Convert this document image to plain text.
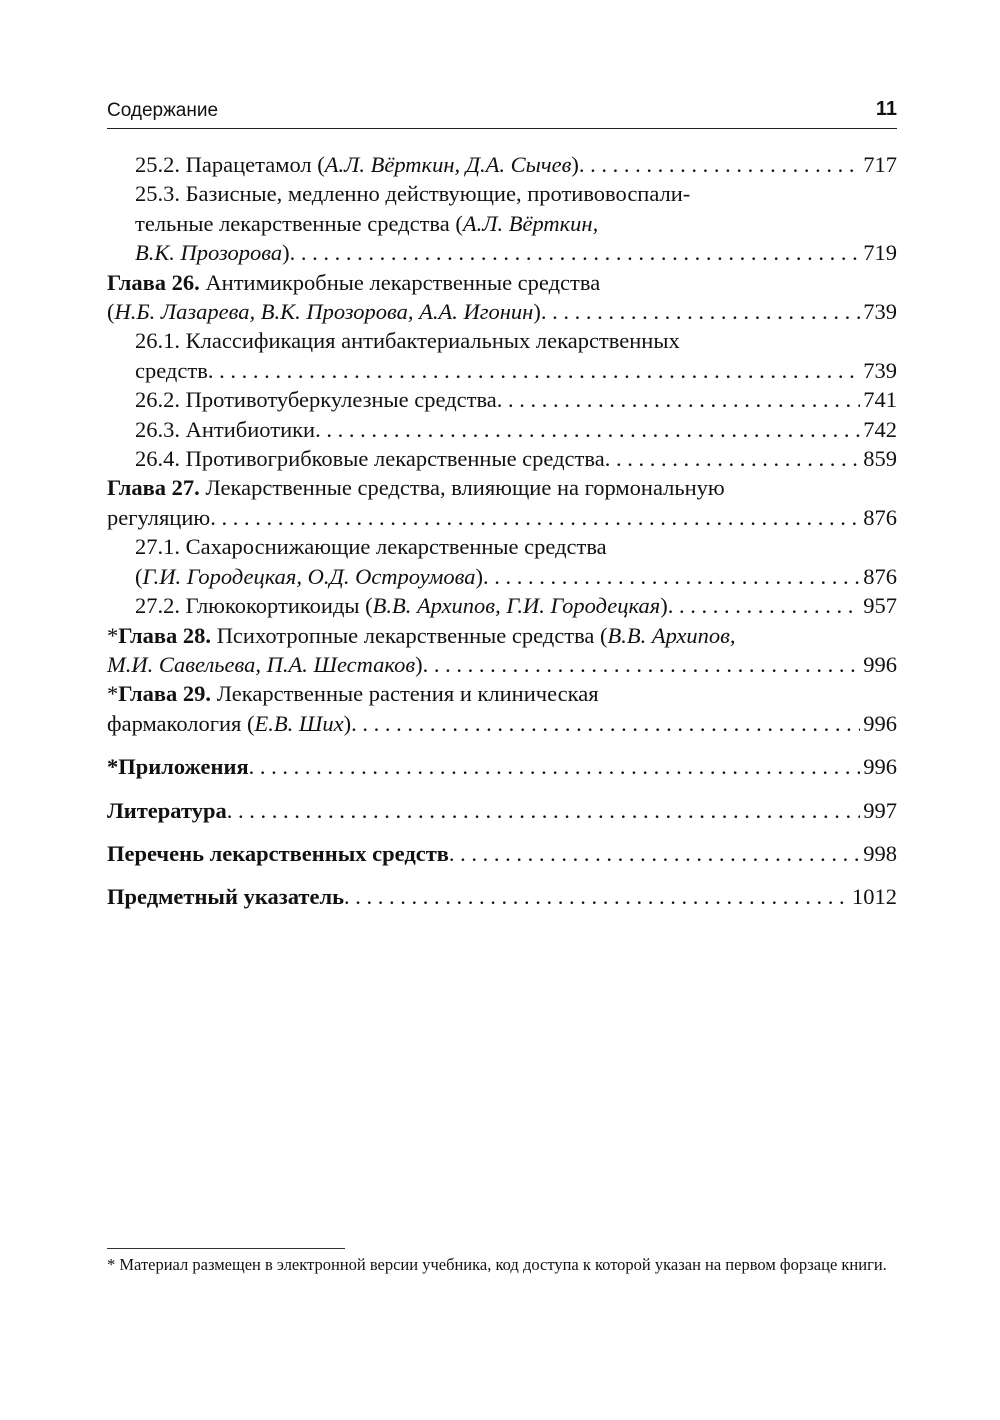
Содержание	11
25.2. Парацетамол (А.Л. Вёрткин, Д.А. Сычев) . . .	717
25.3. Базисные, медленно действующие, противовоспали-
тельные лекарственные средства (А.Л. Вёрткин,
В.К. Прозорова) . . .	719
Глава 26. Антимикробные лекарственные средства
(Н.Б. Лазарева, В.К. Прозорова, А.А. Игонин) . . .	739
26.1. Классификация антибактериальных лекарственных
средств . . .	739
26.2. Противотуберкулезные средства . . .	741
26.3. Антибиотики . . .	742
26.4. Противогрибковые лекарственные средства . . .	859
Глава 27. Лекарственные средства, влияющие на гормональную
регуляцию . . .	876
27.1. Сахароснижающие лекарственные средства
(Г.И. Городецкая, О.Д. Остроумова) . . .	876
27.2. Глюкокортикоиды (В.В. Архипов, Г.И. Городецкая) . . .	957
*Глава 28. Психотропные лекарственные средства (В.В. Архипов,
М.И. Савельева, П.А. Шестаков) . . .	996
*Глава 29. Лекарственные растения и клиническая
фармакология (Е.В. Ших) . . .	996
*Приложения . . .	996
Литература . . .	997
Перечень лекарственных средств . . .	998
Предметный указатель . . .	1012
* Материал размещен в электронной версии учебника, код доступа к которой указан на первом форзаце книги.
